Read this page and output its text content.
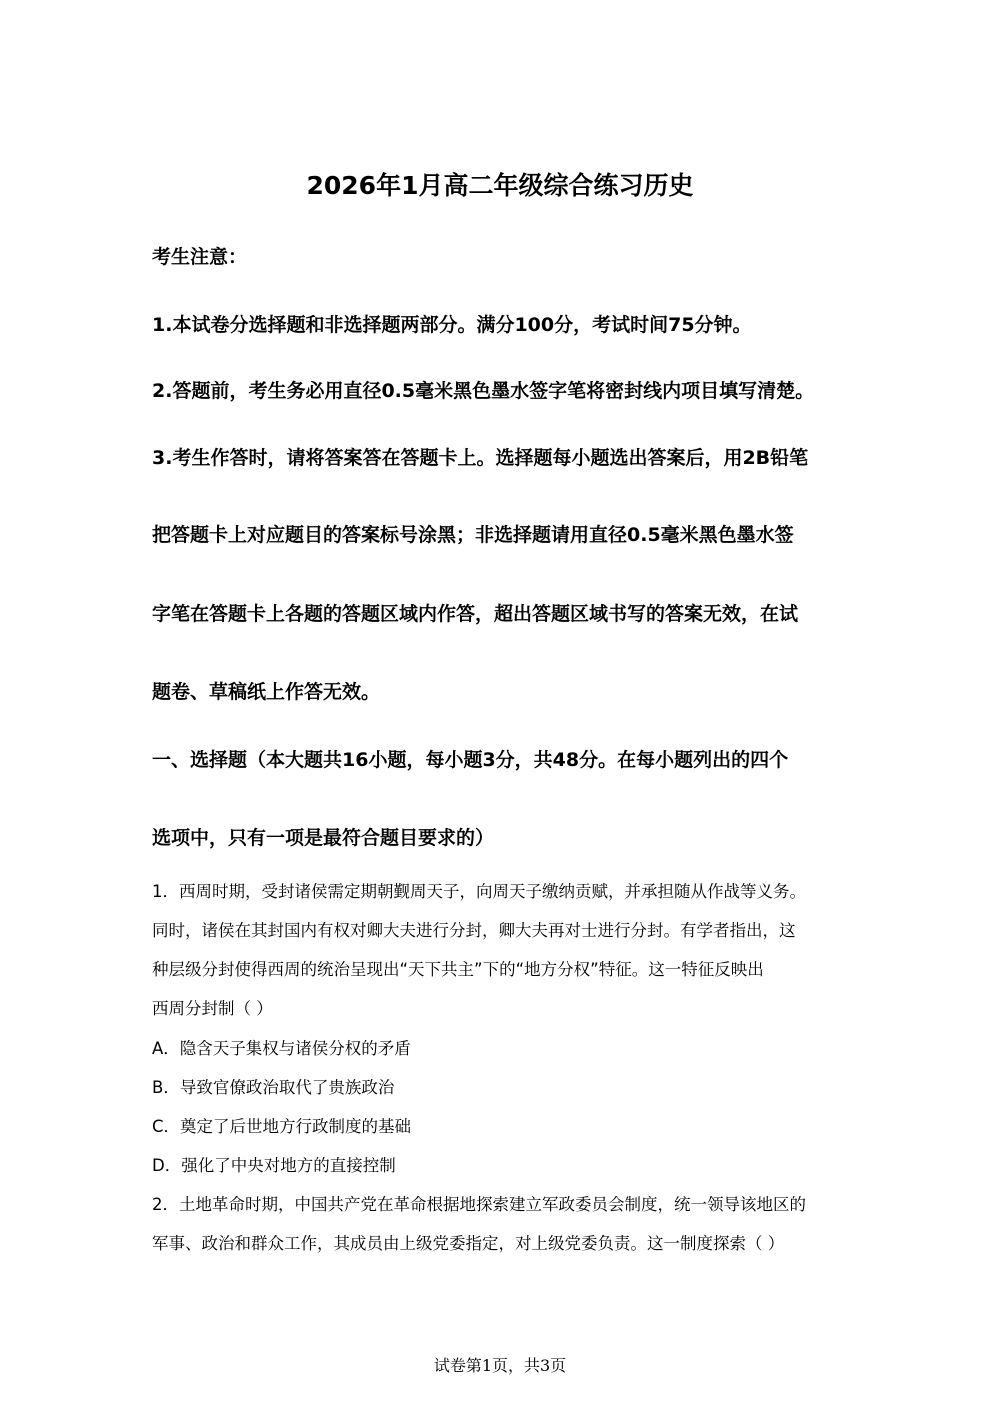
2026年1月高二年级综合练习历史
考生注意：
1.本试卷分选择题和非选择题两部分。满分100分，考试时间75分钟。
2.答题前，考生务必用直径0.5毫米黑色墨水签字笔将密封线内项目填写清楚。
3.考生作答时，请将答案答在答题卡上。选择题每小题选出答案后，用2B铅笔
把答题卡上对应题目的答案标号涂黑；非选择题请用直径0.5毫米黑色墨水签
字笔在答题卡上各题的答题区域内作答，超出答题区域书写的答案无效，在试
题卷、草稿纸上作答无效。
一、选择题（本大题共16小题，每小题3分，共48分。在每小题列出的四个
选项中，只有一项是最符合题目要求的）
1．西周时期，受封诸侯需定期朝觐周天子，向周天子缴纳贡赋，并承担随从作战等义务。
同时，诸侯在其封国内有权对卿大夫进行分封，卿大夫再对士进行分封。有学者指出，这
种层级分封使得西周的统治呈现出“天下共主”下的“地方分权”特征。这一特征反映出
西周分封制（ ）
A．隐含天子集权与诸侯分权的矛盾
B．导致官僚政治取代了贵族政治
C．奠定了后世地方行政制度的基础
D．强化了中央对地方的直接控制
2．土地革命时期，中国共产党在革命根据地探索建立军政委员会制度，统一领导该地区的
军事、政治和群众工作，其成员由上级党委指定，对上级党委负责。这一制度探索（ ）
试卷第1页，共3页
